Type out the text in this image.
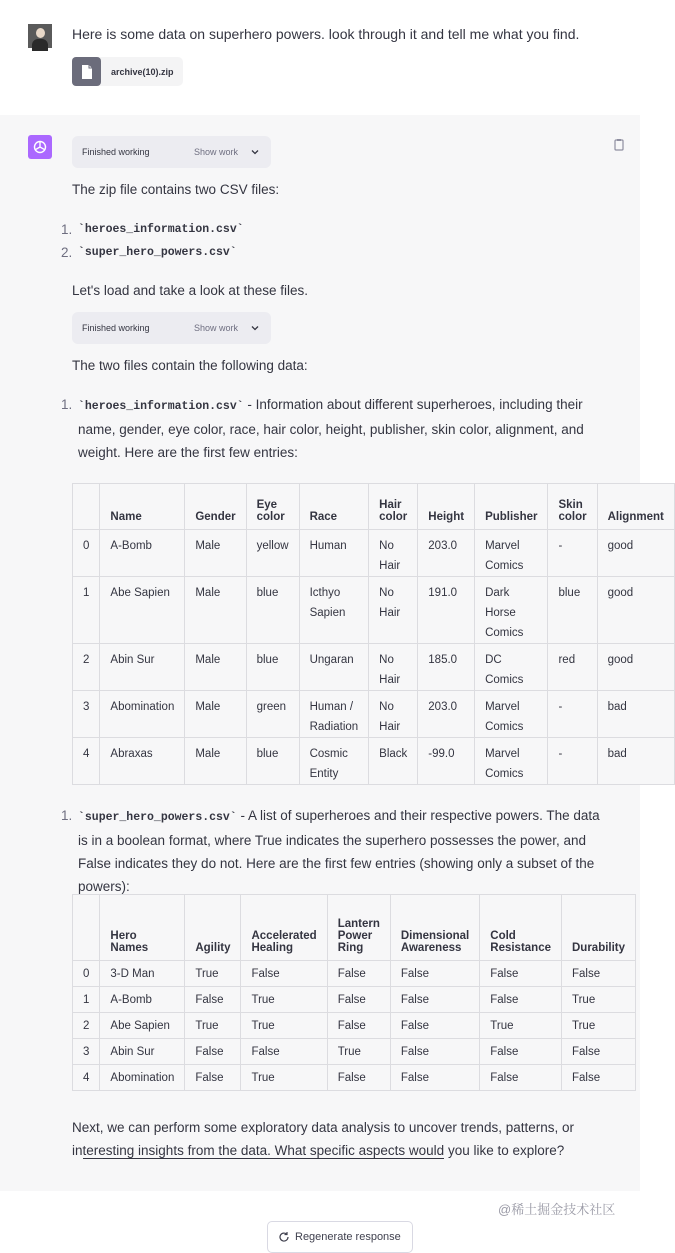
Here is some data on superhero powers. look through it and tell me what you find.
archive(10).zip
Finished working	Show work
The zip file contains two CSV files:
1. `heroes_information.csv`
2. `super_hero_powers.csv`
Let's load and take a look at these files.
Finished working	Show work
The two files contain the following data:
1. `heroes_information.csv` - Information about different superheroes, including their name, gender, eye color, race, hair color, height, publisher, skin color, alignment, and weight. Here are the first few entries:
	Name	Gender	Eye color	Race	Hair color	Height	Publisher	Skin color	Alignment
0	A-Bomb	Male	yellow	Human	No Hair	203.0	Marvel Comics	-	good
1	Abe Sapien	Male	blue	Icthyo Sapien	No Hair	191.0	Dark Horse Comics	blue	good
2	Abin Sur	Male	blue	Ungaran	No Hair	185.0	DC Comics	red	good
3	Abomination	Male	green	Human / Radiation	No Hair	203.0	Marvel Comics	-	bad
4	Abraxas	Male	blue	Cosmic Entity	Black	-99.0	Marvel Comics	-	bad
1. `super_hero_powers.csv` - A list of superheroes and their respective powers. The data is in a boolean format, where True indicates the superhero possesses the power, and False indicates they do not. Here are the first few entries (showing only a subset of the powers):
	Hero Names	Agility	Accelerated Healing	Lantern Power Ring	Dimensional Awareness	Cold Resistance	Durability
0	3-D Man	True	False	False	False	False	False
1	A-Bomb	False	True	False	False	False	True
2	Abe Sapien	True	True	False	False	True	True
3	Abin Sur	False	False	True	False	False	False
4	Abomination	False	True	False	False	False	False
Next, we can perform some exploratory data analysis to uncover trends, patterns, or interesting insights from the data. What specific aspects would you like to explore?
@稀土掘金技术社区
Regenerate response
